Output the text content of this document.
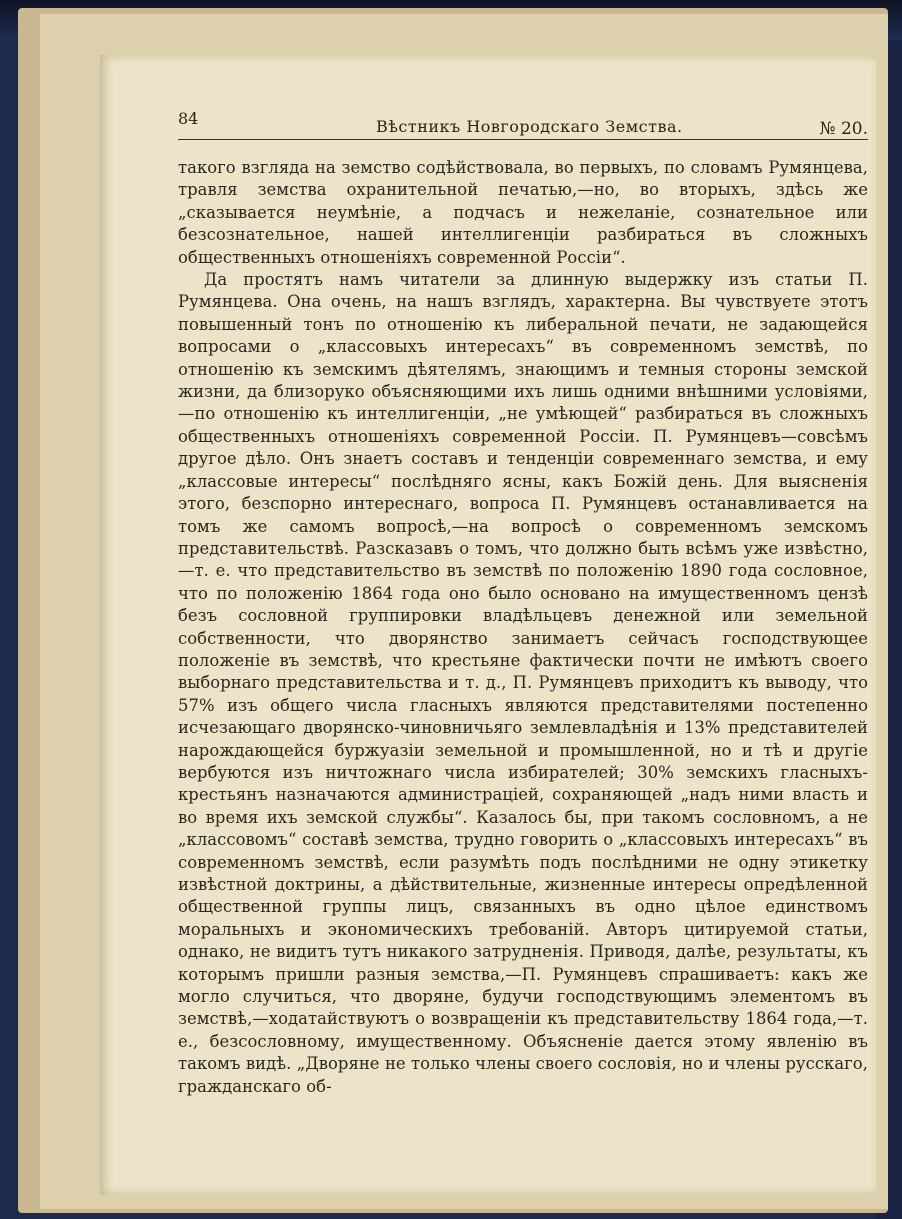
84	Вѣстникъ Новгородскаго Земства.	№ 20.

такого взгляда на земство содѣйствовала, во первыхъ, по словамъ Румянцева, травля земства охранительной печатью,—но, во вторыхъ, здѣсь же „сказывается неумѣніе, а подчасъ и нежеланіе, сознательное или безсознательное, нашей интеллигенціи разбираться въ сложныхъ общественныхъ отношеніяхъ современной Россіи“.

Да простятъ намъ читатели за длинную выдержку изъ статьи П. Румянцева. Она очень, на нашъ взглядъ, характерна. Вы чувствуете этотъ повышенный тонъ по отношенію къ либеральной печати, не задающейся вопросами о „классовыхъ интересахъ“ въ современномъ земствѣ, по отношенію къ земскимъ дѣятелямъ, знающимъ и темныя стороны земской жизни, да близоруко объясняющими ихъ лишь одними внѣшними условіями,—по отношенію къ интеллигенціи, „не умѣющей“ разбираться въ сложныхъ общественныхъ отношеніяхъ современной Россіи. П. Румянцевъ—совсѣмъ другое дѣло. Онъ знаетъ составъ и тенденціи современнаго земства, и ему „классовые интересы“ послѣдняго ясны, какъ Божій день. Для выясненія этого, безспорно интереснаго, вопроса П. Румянцевъ останавливается на томъ же самомъ вопросѣ,—на вопросѣ о современномъ земскомъ представительствѣ. Разсказавъ о томъ, что должно быть всѣмъ уже извѣстно,—т. е. что представительство въ земствѣ по положенію 1890 года сословное, что по положенію 1864 года оно было основано на имущественномъ цензѣ безъ сословной группировки владѣльцевъ денежной или земельной собственности, что дворянство занимаетъ сейчасъ господствующее положеніе въ земствѣ, что крестьяне фактически почти не имѣютъ своего выборнаго представительства и т. д., П. Румянцевъ приходитъ къ выводу, что 57% изъ общего числа гласныхъ являются представителями постепенно исчезающаго дворянско-чиновничьяго землевладѣнія и 13% представителей нарождающейся буржуазіи земельной и промышленной, но и тѣ и другіе вербуются изъ ничтожнаго числа избирателей; 30% земскихъ гласныхъ-крестьянъ назначаются администраціей, сохраняющей „надъ ними власть и во время ихъ земской службы“. Казалось бы, при такомъ сословномъ, а не „классовомъ“ составѣ земства, трудно говорить о „классовыхъ интересахъ“ въ современномъ земствѣ, если разумѣть подъ послѣдними не одну этикетку извѣстной доктрины, а дѣйствительные, жизненные интересы опредѣленной общественной группы лицъ, связанныхъ въ одно цѣлое единствомъ моральныхъ и экономическихъ требованій. Авторъ цитируемой статьи, однако, не видитъ тутъ никакого затрудненія. Приводя, далѣе, результаты, къ которымъ пришли разныя земства,—П. Румянцевъ спрашиваетъ: какъ же могло случиться, что дворяне, будучи господствующимъ элементомъ въ земствѣ,—ходатайствуютъ о возвращеніи къ представительству 1864 года,—т. е., безсословному, имущественному. Объясненіе дается этому явленію въ такомъ видѣ. „Дворяне не только члены своего сословія, но и члены русскаго, гражданскаго об-
